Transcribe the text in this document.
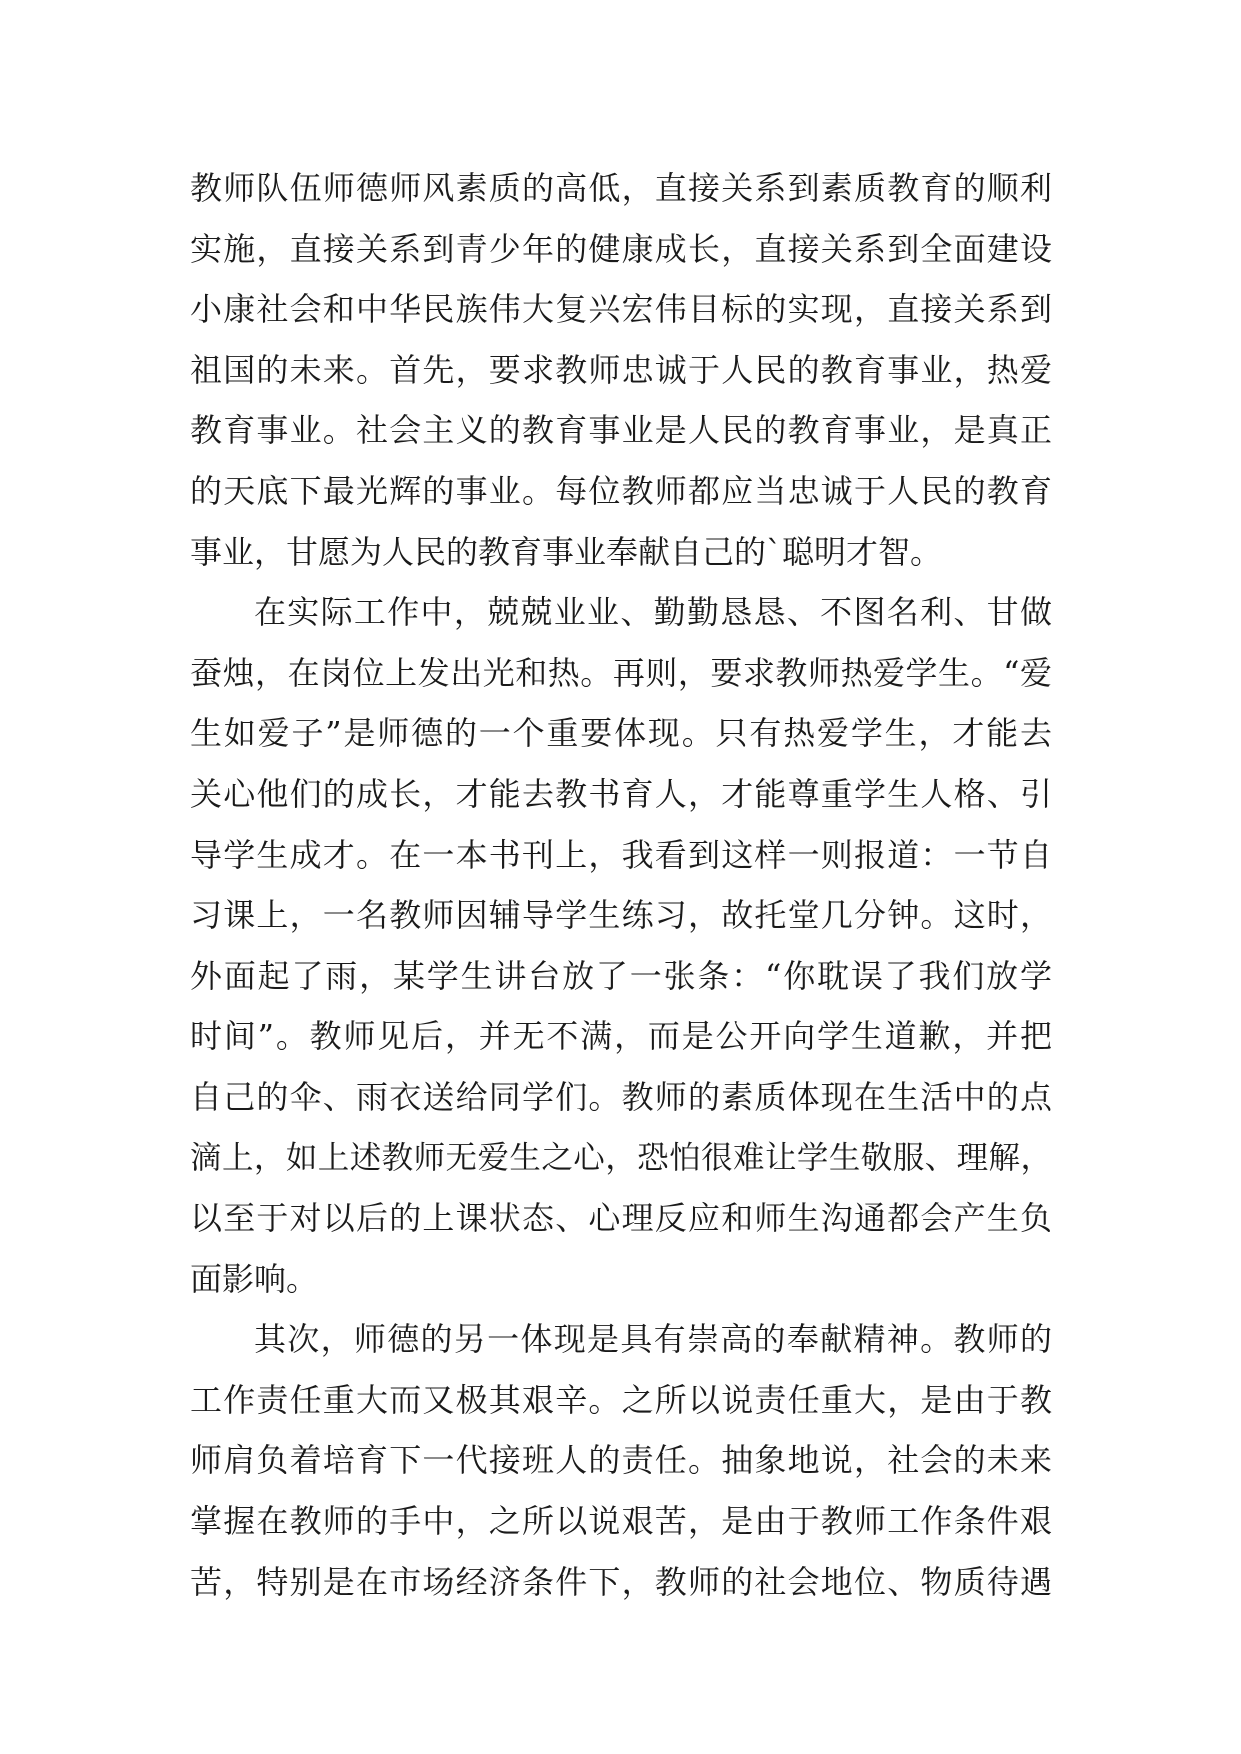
教师队伍师德师风素质的高低，直接关系到素质教育的顺利
实施，直接关系到青少年的健康成长，直接关系到全面建设
小康社会和中华民族伟大复兴宏伟目标的实现，直接关系到
祖国的未来。首先，要求教师忠诚于人民的教育事业，热爱
教育事业。社会主义的教育事业是人民的教育事业，是真正
的天底下最光辉的事业。每位教师都应当忠诚于人民的教育
事业，甘愿为人民的教育事业奉献自己的`聪明才智。
在实际工作中，兢兢业业、勤勤恳恳、不图名利、甘做
蚕烛，在岗位上发出光和热。再则，要求教师热爱学生。“爱
生如爱子”是师德的一个重要体现。只有热爱学生，才能去
关心他们的成长，才能去教书育人，才能尊重学生人格、引
导学生成才。在一本书刊上，我看到这样一则报道：一节自
习课上，一名教师因辅导学生练习，故托堂几分钟。这时，
外面起了雨，某学生讲台放了一张条：“你耽误了我们放学
时间”。教师见后，并无不满，而是公开向学生道歉，并把
自己的伞、雨衣送给同学们。教师的素质体现在生活中的点
滴上，如上述教师无爱生之心，恐怕很难让学生敬服、理解，
以至于对以后的上课状态、心理反应和师生沟通都会产生负
面影响。
其次，师德的另一体现是具有崇高的奉献精神。教师的
工作责任重大而又极其艰辛。之所以说责任重大，是由于教
师肩负着培育下一代接班人的责任。抽象地说，社会的未来
掌握在教师的手中，之所以说艰苦，是由于教师工作条件艰
苦，特别是在市场经济条件下，教师的社会地位、物质待遇
